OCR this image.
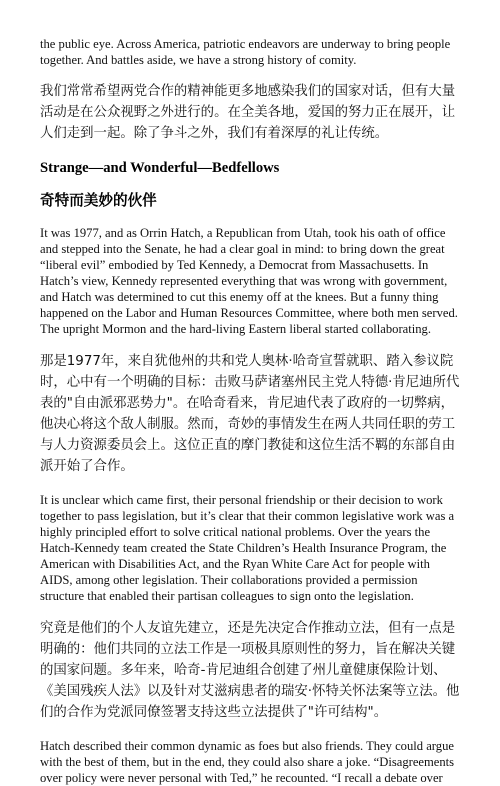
the public eye. Across America, patriotic endeavors are underway to bring people together. And battles aside, we have a strong history of comity.

我们常常希望两党合作的精神能更多地感染我们的国家对话，但有大量活动是在公众视野之外进行的。在全美各地，爱国的努力正在展开，让人们走到一起。除了争斗之外，我们有着深厚的礼让传统。

Strange—and Wonderful—Bedfellows

奇特而美妙的伙伴

It was 1977, and as Orrin Hatch, a Republican from Utah, took his oath of office and stepped into the Senate, he had a clear goal in mind: to bring down the great “liberal evil” embodied by Ted Kennedy, a Democrat from Massachusetts. In Hatch’s view, Kennedy represented everything that was wrong with government, and Hatch was determined to cut this enemy off at the knees. But a funny thing happened on the Labor and Human Resources Committee, where both men served. The upright Mormon and the hard-living Eastern liberal started collaborating.

那是1977年，来自犹他州的共和党人奥林·哈奇宣誓就职、踏入参议院时，心中有一个明确的目标：击败马萨诸塞州民主党人特德·肯尼迪所代表的"自由派邪恶势力"。在哈奇看来，肯尼迪代表了政府的一切弊病，他决心将这个敌人制服。然而，奇妙的事情发生在两人共同任职的劳工与人力资源委员会上。这位正直的摩门教徒和这位生活不羁的东部自由派开始了合作。

It is unclear which came first, their personal friendship or their decision to work together to pass legislation, but it’s clear that their common legislative work was a highly principled effort to solve critical national problems. Over the years the Hatch-Kennedy team created the State Children’s Health Insurance Program, the American with Disabilities Act, and the Ryan White Care Act for people with AIDS, among other legislation. Their collaborations provided a permission structure that enabled their partisan colleagues to sign onto the legislation.

究竟是他们的个人友谊先建立，还是先决定合作推动立法，但有一点是明确的：他们共同的立法工作是一项极具原则性的努力，旨在解决关键的国家问题。多年来，哈奇-肯尼迪组合创建了州儿童健康保险计划、《美国残疾人法》以及针对艾滋病患者的瑞安·怀特关怀法案等立法。他们的合作为党派同僚签署支持这些立法提供了"许可结构"。

Hatch described their common dynamic as foes but also friends. They could argue with the best of them, but in the end, they could also share a joke. “Disagreements over policy were never personal with Ted,” he recounted. “I recall a debate over
